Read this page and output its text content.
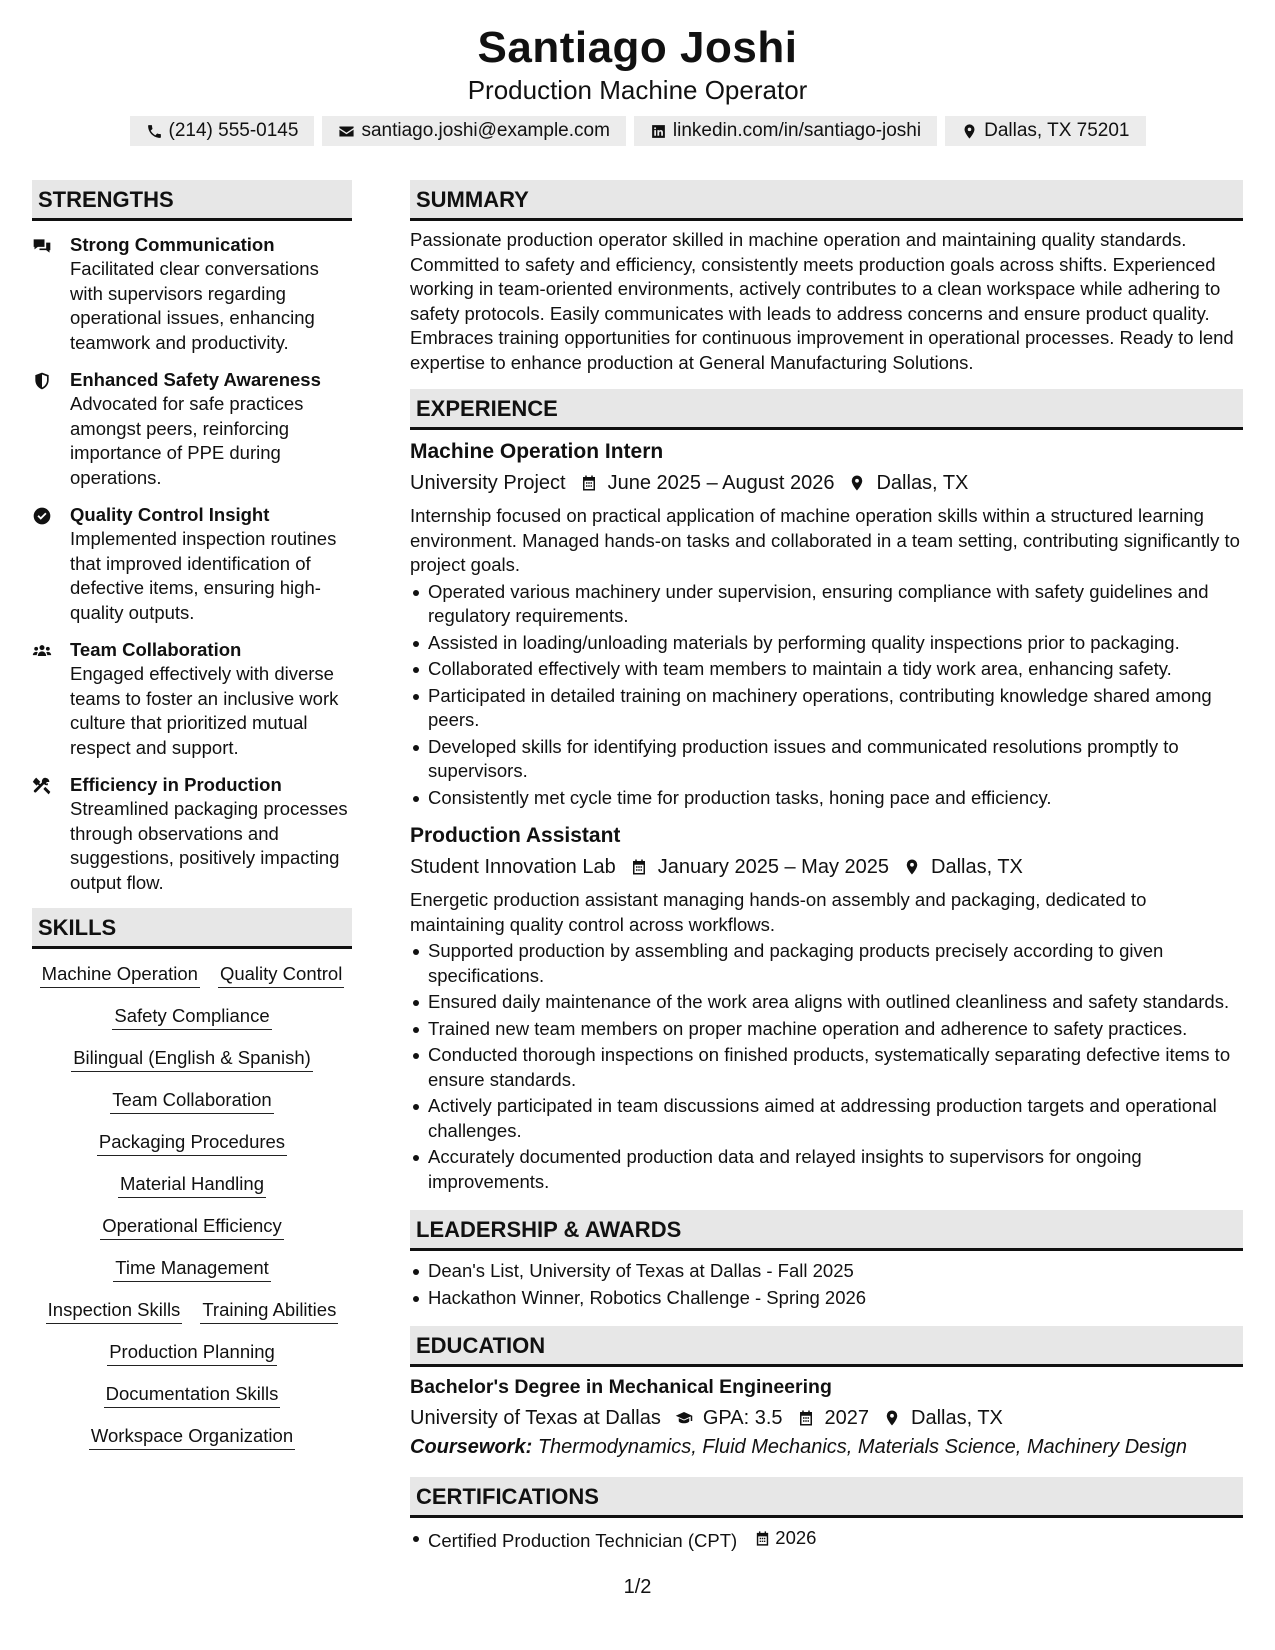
Santiago Joshi
Production Machine Operator
(214) 555-0145	santiago.joshi@example.com	linkedin.com/in/santiago-joshi	Dallas, TX 75201
STRENGTHS
Strong Communication
Facilitated clear conversations with supervisors regarding operational issues, enhancing teamwork and productivity.
Enhanced Safety Awareness
Advocated for safe practices amongst peers, reinforcing importance of PPE during operations.
Quality Control Insight
Implemented inspection routines that improved identification of defective items, ensuring high-quality outputs.
Team Collaboration
Engaged effectively with diverse teams to foster an inclusive work culture that prioritized mutual respect and support.
Efficiency in Production
Streamlined packaging processes through observations and suggestions, positively impacting output flow.
SKILLS
Machine Operation Quality Control
Safety Compliance
Bilingual (English & Spanish)
Team Collaboration
Packaging Procedures
Material Handling
Operational Efficiency
Time Management
Inspection Skills Training Abilities
Production Planning
Documentation Skills
Workspace Organization
SUMMARY
Passionate production operator skilled in machine operation and maintaining quality standards. Committed to safety and efficiency, consistently meets production goals across shifts. Experienced working in team-oriented environments, actively contributes to a clean workspace while adhering to safety protocols. Easily communicates with leads to address concerns and ensure product quality. Embraces training opportunities for continuous improvement in operational processes. Ready to lend expertise to enhance production at General Manufacturing Solutions.
EXPERIENCE
Machine Operation Intern
University Project June 2025 – August 2026 Dallas, TX
Internship focused on practical application of machine operation skills within a structured learning environment. Managed hands-on tasks and collaborated in a team setting, contributing significantly to project goals.
Operated various machinery under supervision, ensuring compliance with safety guidelines and regulatory requirements.
Assisted in loading/unloading materials by performing quality inspections prior to packaging.
Collaborated effectively with team members to maintain a tidy work area, enhancing safety.
Participated in detailed training on machinery operations, contributing knowledge shared among peers.
Developed skills for identifying production issues and communicated resolutions promptly to supervisors.
Consistently met cycle time for production tasks, honing pace and efficiency.
Production Assistant
Student Innovation Lab January 2025 – May 2025 Dallas, TX
Energetic production assistant managing hands-on assembly and packaging, dedicated to maintaining quality control across workflows.
Supported production by assembling and packaging products precisely according to given specifications.
Ensured daily maintenance of the work area aligns with outlined cleanliness and safety standards.
Trained new team members on proper machine operation and adherence to safety practices.
Conducted thorough inspections on finished products, systematically separating defective items to ensure standards.
Actively participated in team discussions aimed at addressing production targets and operational challenges.
Accurately documented production data and relayed insights to supervisors for ongoing improvements.
LEADERSHIP & AWARDS
Dean's List, University of Texas at Dallas - Fall 2025
Hackathon Winner, Robotics Challenge - Spring 2026
EDUCATION
Bachelor's Degree in Mechanical Engineering
University of Texas at Dallas GPA: 3.5 2027 Dallas, TX
Coursework: Thermodynamics, Fluid Mechanics, Materials Science, Machinery Design
CERTIFICATIONS
Certified Production Technician (CPT) 2026
1/2
